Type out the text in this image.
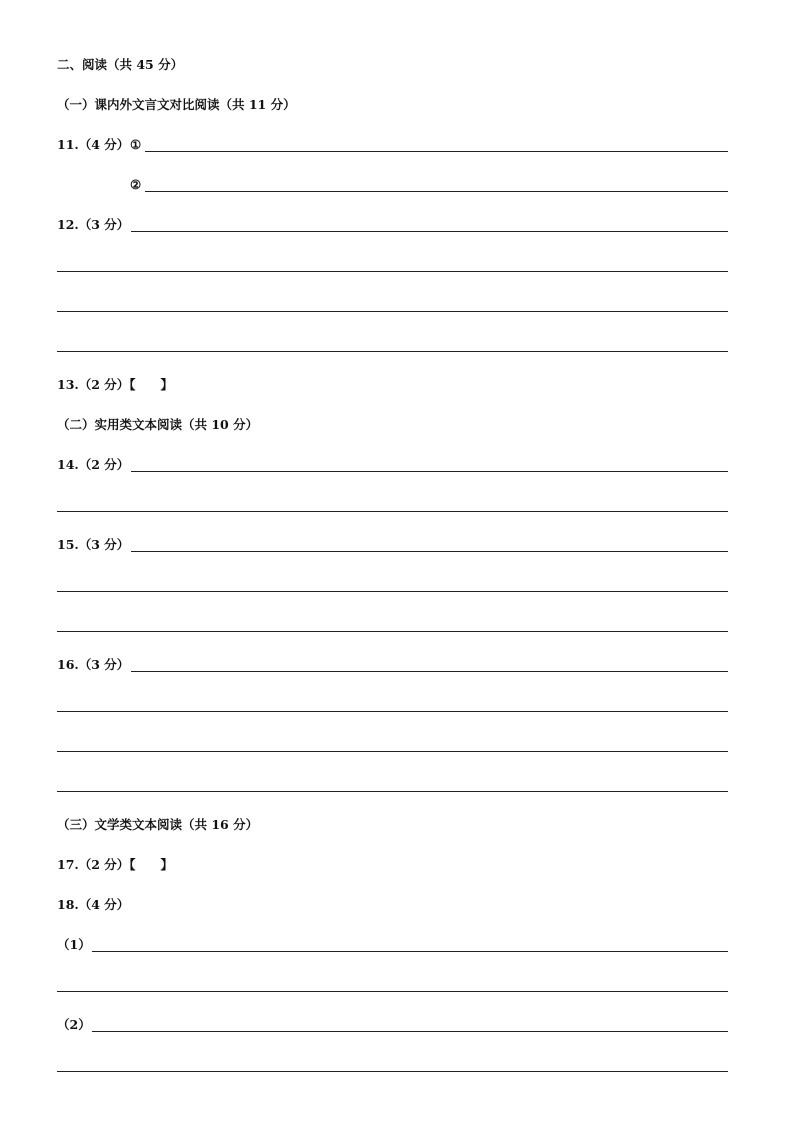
二、阅读（共 45 分）
（一）课内外文言文对比阅读（共 11 分）
11.（4 分） ①
②
12.（3 分）
13.（2 分）【　　】
（二）实用类文本阅读（共 10 分）
14.（2 分）
15.（3 分）
16.（3 分）
（三）文学类文本阅读（共 16 分）
17.（2 分）【　　】
18.（4 分）
（1）
（2）
